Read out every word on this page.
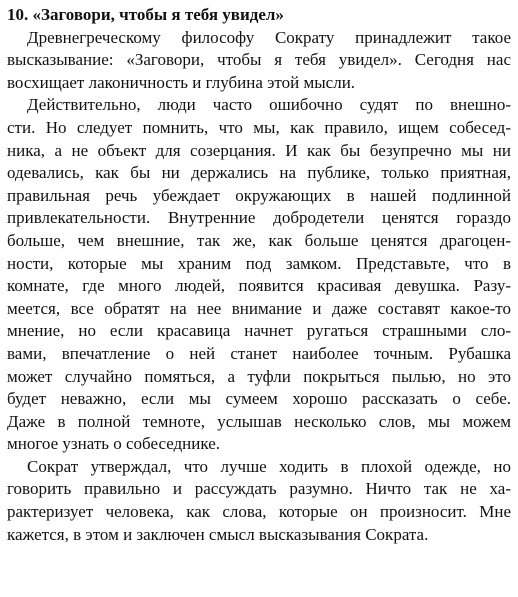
10. «Заговори, чтобы я тебя увидел»

Древнегреческому философу Сократу принадлежит такое
высказывание: «Заговори, чтобы я тебя увидел». Сегодня нас
восхищает лаконичность и глубина этой мысли.

Действительно, люди часто ошибочно судят по внешно-
сти. Но следует помнить, что мы, как правило, ищем собесед-
ника, а не объект для созерцания. И как бы безупречно мы ни
одевались, как бы ни держались на публике, только приятная,
правильная речь убеждает окружающих в нашей подлинной
привлекательности. Внутренние добродетели ценятся гораздо
больше, чем внешние, так же, как больше ценятся драгоцен-
ности, которые мы храним под замком. Представьте, что в
комнате, где много людей, появится красивая девушка. Разу-
меется, все обратят на нее внимание и даже составят какое-то
мнение, но если красавица начнет ругаться страшными сло-
вами, впечатление о ней станет наиболее точным. Рубашка
может случайно помяться, а туфли покрыться пылью, но это
будет неважно, если мы сумеем хорошо рассказать о себе.
Даже в полной темноте, услышав несколько слов, мы можем
многое узнать о собеседнике.

Сократ утверждал, что лучше ходить в плохой одежде, но
говорить правильно и рассуждать разумно. Ничто так не ха-
рактеризует человека, как слова, которые он произносит. Мне
кажется, в этом и заключен смысл высказывания Сократа.
